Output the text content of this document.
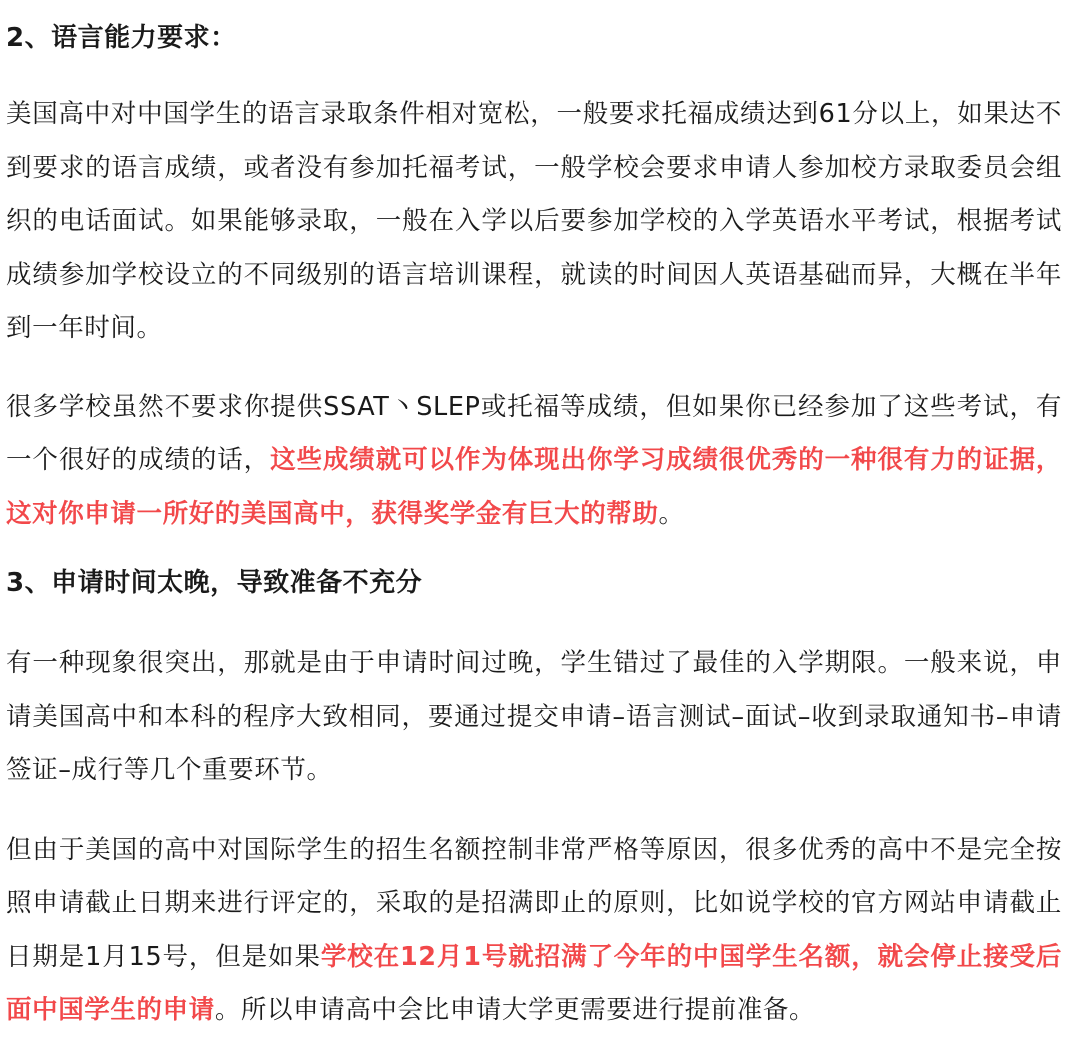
2、语言能力要求：

美国高中对中国学生的语言录取条件相对宽松，一般要求托福成绩达到61分以上，如果达不到要求的语言成绩，或者没有参加托福考试，一般学校会要求申请人参加校方录取委员会组织的电话面试。如果能够录取，一般在入学以后要参加学校的入学英语水平考试，根据考试成绩参加学校设立的不同级别的语言培训课程，就读的时间因人英语基础而异，大概在半年到一年时间。

很多学校虽然不要求你提供SSAT丶SLEP或托福等成绩，但如果你已经参加了这些考试，有一个很好的成绩的话，这些成绩就可以作为体现出你学习成绩很优秀的一种很有力的证据，这对你申请一所好的美国高中，获得奖学金有巨大的帮助。

3、申请时间太晚，导致准备不充分

有一种现象很突出，那就是由于申请时间过晚，学生错过了最佳的入学期限。一般来说，申请美国高中和本科的程序大致相同，要通过提交申请–语言测试–面试–收到录取通知书–申请签证–成行等几个重要环节。

但由于美国的高中对国际学生的招生名额控制非常严格等原因，很多优秀的高中不是完全按照申请截止日期来进行评定的，采取的是招满即止的原则，比如说学校的官方网站申请截止日期是1月15号，但是如果学校在12月1号就招满了今年的中国学生名额，就会停止接受后面中国学生的申请。所以申请高中会比申请大学更需要进行提前准备。
